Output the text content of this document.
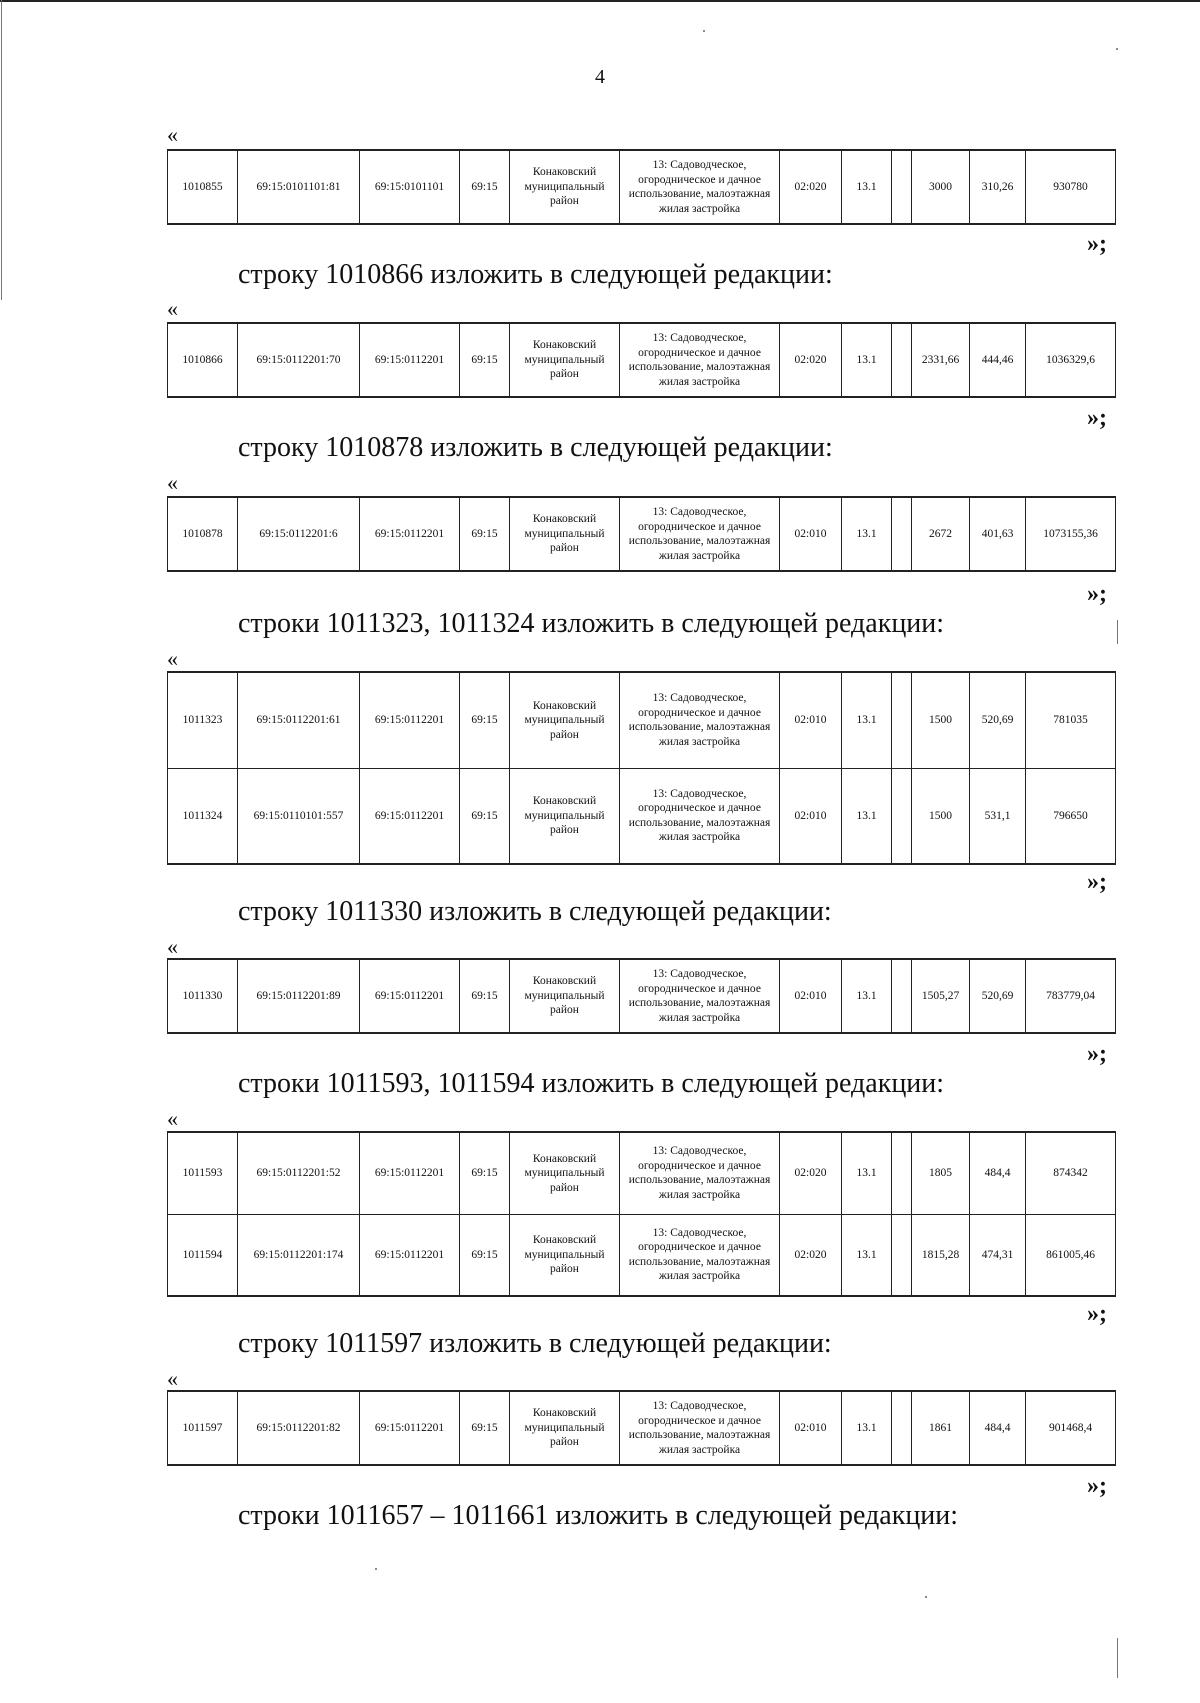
4
«
1010855	69:15:0101101:81	69:15:0101101	69:15	Конаковский муниципальный район	13: Садоводческое, огородническое и дачное использование, малоэтажная жилая застройка	02:020	13.1		3000	310,26	930780
»;
строку 1010866 изложить в следующей редакции:
«
1010866	69:15:0112201:70	69:15:0112201	69:15	Конаковский муниципальный район	13: Садоводческое, огородническое и дачное использование, малоэтажная жилая застройка	02:020	13.1		2331,66	444,46	1036329,6
»;
строку 1010878 изложить в следующей редакции:
«
1010878	69:15:0112201:6	69:15:0112201	69:15	Конаковский муниципальный район	13: Садоводческое, огородническое и дачное использование, малоэтажная жилая застройка	02:010	13.1		2672	401,63	1073155,36
»;
строки 1011323, 1011324 изложить в следующей редакции:
«
1011323	69:15:0112201:61	69:15:0112201	69:15	Конаковский муниципальный район	13: Садоводческое, огородническое и дачное использование, малоэтажная жилая застройка	02:010	13.1		1500	520,69	781035
1011324	69:15:0110101:557	69:15:0112201	69:15	Конаковский муниципальный район	13: Садоводческое, огородническое и дачное использование, малоэтажная жилая застройка	02:010	13.1		1500	531,1	796650
»;
строку 1011330 изложить в следующей редакции:
«
1011330	69:15:0112201:89	69:15:0112201	69:15	Конаковский муниципальный район	13: Садоводческое, огородническое и дачное использование, малоэтажная жилая застройка	02:010	13.1		1505,27	520,69	783779,04
»;
строки 1011593, 1011594 изложить в следующей редакции:
«
1011593	69:15:0112201:52	69:15:0112201	69:15	Конаковский муниципальный район	13: Садоводческое, огородническое и дачное использование, малоэтажная жилая застройка	02:020	13.1		1805	484,4	874342
1011594	69:15:0112201:174	69:15:0112201	69:15	Конаковский муниципальный район	13: Садоводческое, огородническое и дачное использование, малоэтажная жилая застройка	02:020	13.1		1815,28	474,31	861005,46
»;
строку 1011597 изложить в следующей редакции:
«
1011597	69:15:0112201:82	69:15:0112201	69:15	Конаковский муниципальный район	13: Садоводческое, огородническое и дачное использование, малоэтажная жилая застройка	02:010	13.1		1861	484,4	901468,4
»;
строки 1011657 – 1011661 изложить в следующей редакции:
